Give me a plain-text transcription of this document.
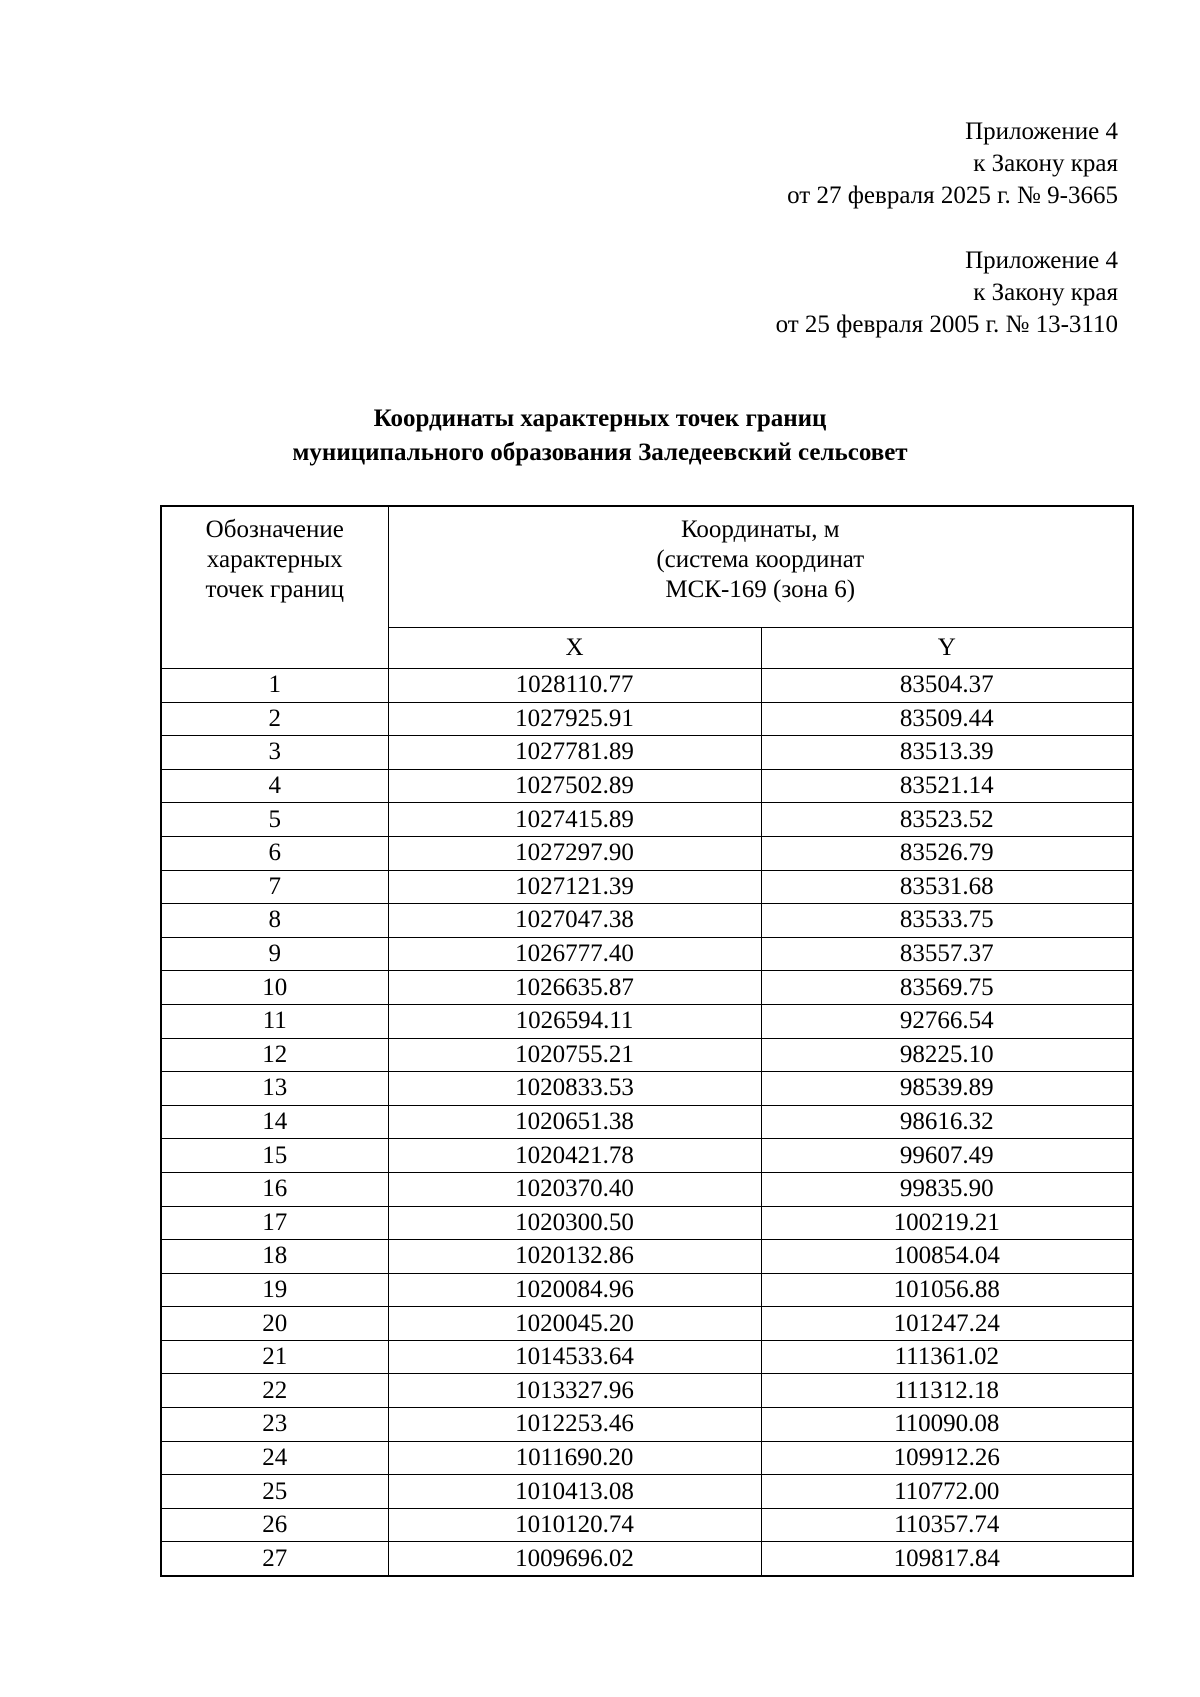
Приложение 4
к Закону края
от 27 февраля 2025 г. № 9-3665
Приложение 4
к Закону края
от 25 февраля 2005 г. № 13-3110
Координаты характерных точек границ
муниципального образования Заледеевский сельсовет
Обозначение
характерных
точек границ	Координаты, м
(система координат
МСК-169 (зона 6)	

	X	Y
1	1028110.77	83504.37
2	1027925.91	83509.44
3	1027781.89	83513.39
4	1027502.89	83521.14
5	1027415.89	83523.52
6	1027297.90	83526.79
7	1027121.39	83531.68
8	1027047.38	83533.75
9	1026777.40	83557.37
10	1026635.87	83569.75
11	1026594.11	92766.54
12	1020755.21	98225.10
13	1020833.53	98539.89
14	1020651.38	98616.32
15	1020421.78	99607.49
16	1020370.40	99835.90
17	1020300.50	100219.21
18	1020132.86	100854.04
19	1020084.96	101056.88
20	1020045.20	101247.24
21	1014533.64	111361.02
22	1013327.96	111312.18
23	1012253.46	110090.08
24	1011690.20	109912.26
25	1010413.08	110772.00
26	1010120.74	110357.74
27	1009696.02	109817.84
